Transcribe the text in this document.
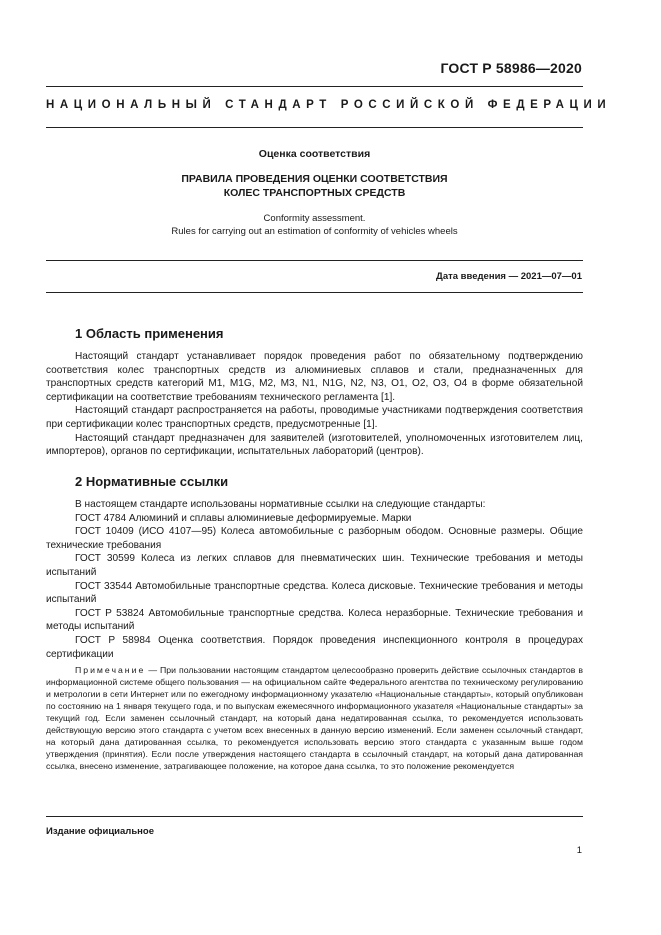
ГОСТ Р 58986—2020
НАЦИОНАЛЬНЫЙ СТАНДАРТ РОССИЙСКОЙ ФЕДЕРАЦИИ
Оценка соответствия
ПРАВИЛА ПРОВЕДЕНИЯ ОЦЕНКИ СООТВЕТСТВИЯ
КОЛЕС ТРАНСПОРТНЫХ СРЕДСТВ
Conformity assessment.
Rules for carrying out an estimation of conformity of vehicles wheels
Дата введения — 2021—07—01
1 Область применения

Настоящий стандарт устанавливает порядок проведения работ по обязательному подтверждению соответствия колес транспортных средств из алюминиевых сплавов и стали, предназначенных для транспортных средств категорий M1, M1G, M2, M3, N1, N1G, N2, N3, O1, O2, O3, O4 в форме обязательной сертификации на соответствие требованиям технического регламента [1].

Настоящий стандарт распространяется на работы, проводимые участниками подтверждения соответствия при сертификации колес транспортных средств, предусмотренные [1].

Настоящий стандарт предназначен для заявителей (изготовителей, уполномоченных изготовителем лиц, импортеров), органов по сертификации, испытательных лабораторий (центров).

2 Нормативные ссылки

В настоящем стандарте использованы нормативные ссылки на следующие стандарты:

ГОСТ 4784 Алюминий и сплавы алюминиевые деформируемые. Марки

ГОСТ 10409 (ИСО 4107—95) Колеса автомобильные с разборным ободом. Основные размеры. Общие технические требования

ГОСТ 30599 Колеса из легких сплавов для пневматических шин. Технические требования и методы испытаний

ГОСТ 33544 Автомобильные транспортные средства. Колеса дисковые. Технические требования и методы испытаний

ГОСТ Р 53824 Автомобильные транспортные средства. Колеса неразборные. Технические требования и методы испытаний

ГОСТ Р 58984 Оценка соответствия. Порядок проведения инспекционного контроля в процедурах сертификации

Примечание — При пользовании настоящим стандартом целесообразно проверить действие ссылочных стандартов в информационной системе общего пользования — на официальном сайте Федерального агентства по техническому регулированию и метрологии в сети Интернет или по ежегодному информационному указателю «Национальные стандарты», который опубликован по состоянию на 1 января текущего года, и по выпускам ежемесячного информационного указателя «Национальные стандарты» за текущий год. Если заменен ссылочный стандарт, на который дана недатированная ссылка, то рекомендуется использовать действующую версию этого стандарта с учетом всех внесенных в данную версию изменений. Если заменен ссылочный стандарт, на который дана датированная ссылка, то рекомендуется использовать версию этого стандарта с указанным выше годом утверждения (принятия). Если после утверждения настоящего стандарта в ссылочный стандарт, на который дана датированная ссылка, внесено изменение, затрагивающее положение, на которое дана ссылка, то это положение рекомендуется

Издание официальное
1
